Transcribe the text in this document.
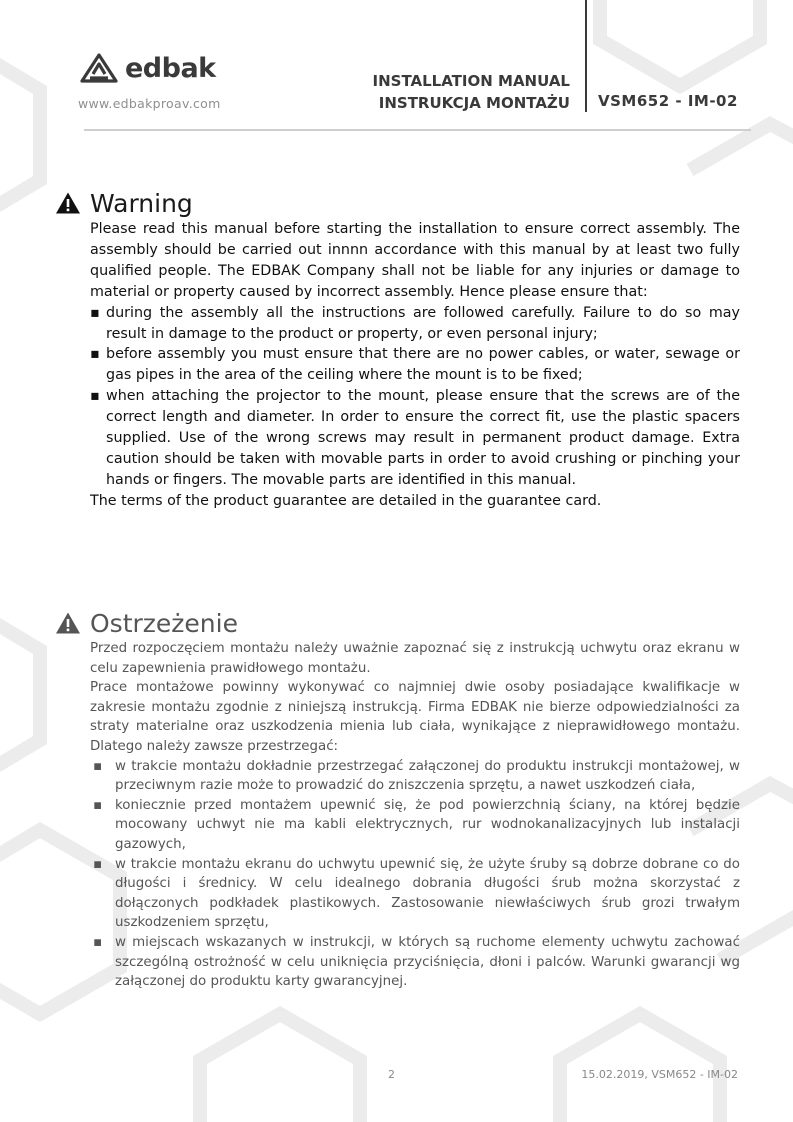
edbak
www.edbakproav.com
INSTALLATION MANUAL
INSTRUKCJA MONTAŻU VSM652 - IM-02
Warning

Please read this manual before starting the installation to ensure correct assembly. The assembly should be carried out innnn accordance with this manual by at least two fully qualified people. The EDBAK Company shall not be liable for any injuries or damage to material or property caused by incorrect assembly. Hence please ensure that:

▪ during the assembly all the instructions are followed carefully. Failure to do so may result in damage to the product or property, or even personal injury;
▪ before assembly you must ensure that there are no power cables, or water, sewage or gas pipes in the area of the ceiling where the mount is to be fixed;
▪ when attaching the projector to the mount, please ensure that the screws are of the correct length and diameter. In order to ensure the correct fit, use the plastic spacers supplied. Use of the wrong screws may result in permanent product damage. Extra caution should be taken with movable parts in order to avoid crushing or pinching your hands or fingers. The movable parts are identified in this manual.

The terms of the product guarantee are detailed in the guarantee card.

Ostrzeżenie

Przed rozpoczęciem montażu należy uważnie zapoznać się z instrukcją uchwytu oraz ekranu w celu zapewnienia prawidłowego montażu.

Prace montażowe powinny wykonywać co najmniej dwie osoby posiadające kwalifikacje w zakresie montażu zgodnie z niniejszą instrukcją. Firma EDBAK nie bierze odpowiedzialności za straty materialne oraz uszkodzenia mienia lub ciała, wynikające z nieprawidłowego montażu. Dlatego należy zawsze przestrzegać:

▪ w trakcie montażu dokładnie przestrzegać załączonej do produktu instrukcji montażowej, w przeciwnym razie może to prowadzić do zniszczenia sprzętu, a nawet uszkodzeń ciała,
▪ koniecznie przed montażem upewnić się, że pod powierzchnią ściany, na której będzie mocowany uchwyt nie ma kabli elektrycznych, rur wodnokanalizacyjnych lub instalacji gazowych,
▪ w trakcie montażu ekranu do uchwytu upewnić się, że użyte śruby są dobrze dobrane co do długości i średnicy. W celu idealnego dobrania długości śrub można skorzystać z dołączonych podkładek plastikowych. Zastosowanie niewłaściwych śrub grozi trwałym uszkodzeniem sprzętu,
▪ w miejscach wskazanych w instrukcji, w których są ruchome elementy uchwytu zachować szczególną ostrożność w celu uniknięcia przyciśnięcia, dłoni i palców. Warunki gwarancji wg załączonej do produktu karty gwarancyjnej.
2	15.02.2019, VSM652 - IM-02
